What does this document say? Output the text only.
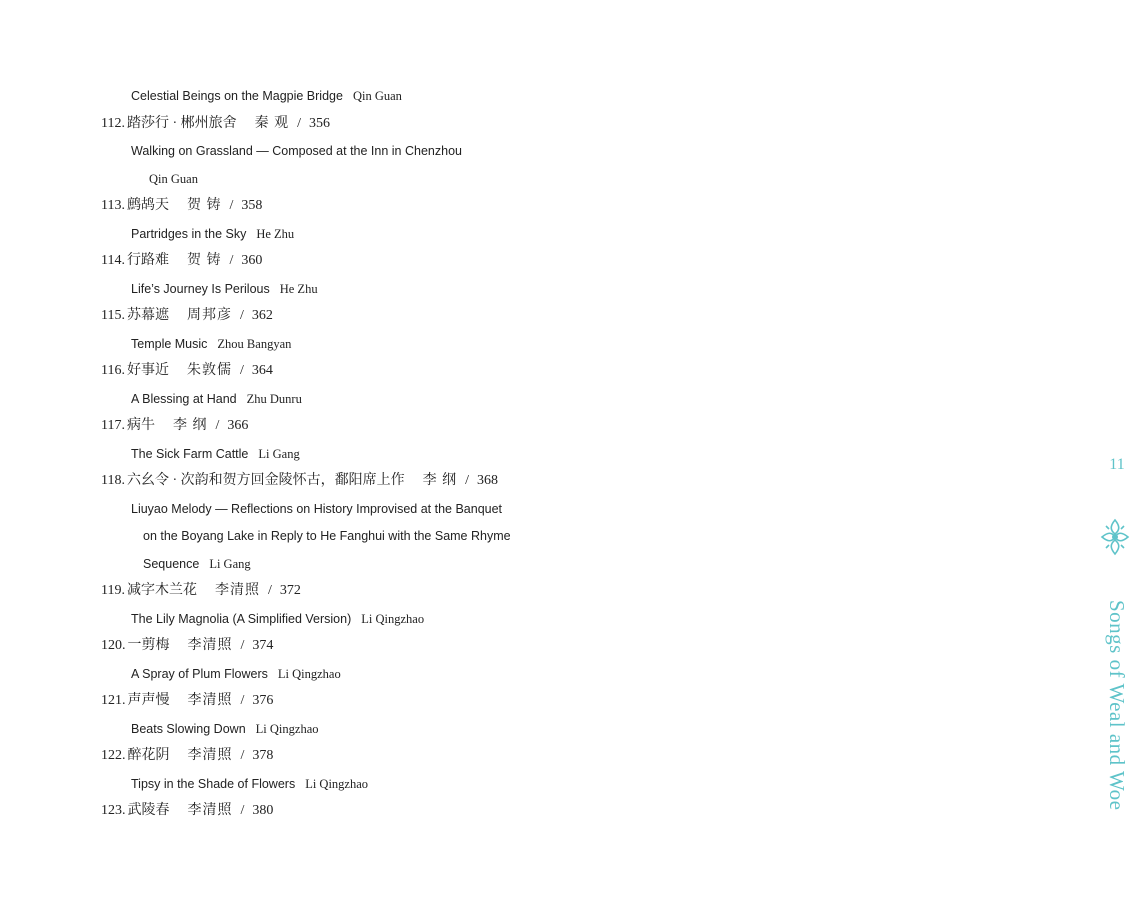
Celestial Beings on the Magpie Bridge Qin Guan
112. 踏莎行 · 郴州旅舍 秦 观 / 356
Walking on Grassland — Composed at the Inn in Chenzhou
Qin Guan
113. 鹧鸪天 贺 铸 / 358
Partridges in the Sky He Zhu
114. 行路难 贺 铸 / 360
Life’s Journey Is Perilous He Zhu
115. 苏幕遮 周邦彦 / 362
Temple Music Zhou Bangyan
116. 好事近 朱敦儒 / 364
A Blessing at Hand Zhu Dunru
117. 病牛 李 纲 / 366
The Sick Farm Cattle Li Gang
118. 六幺令 · 次韵和贺方回金陵怀古，鄱阳席上作 李 纲 / 368
Liuyao Melody — Reflections on History Improvised at the Banquet
on the Boyang Lake in Reply to He Fanghui with the Same Rhyme
Sequence Li Gang
119. 减字木兰花 李清照 / 372
The Lily Magnolia (A Simplified Version) Li Qingzhao
120. 一剪梅 李清照 / 374
A Spray of Plum Flowers Li Qingzhao
121. 声声慢 李清照 / 376
Beats Slowing Down Li Qingzhao
122. 醉花阴 李清照 / 378
Tipsy in the Shade of Flowers Li Qingzhao
123. 武陵春 李清照 / 380
11
Songs of Weal and Woe
